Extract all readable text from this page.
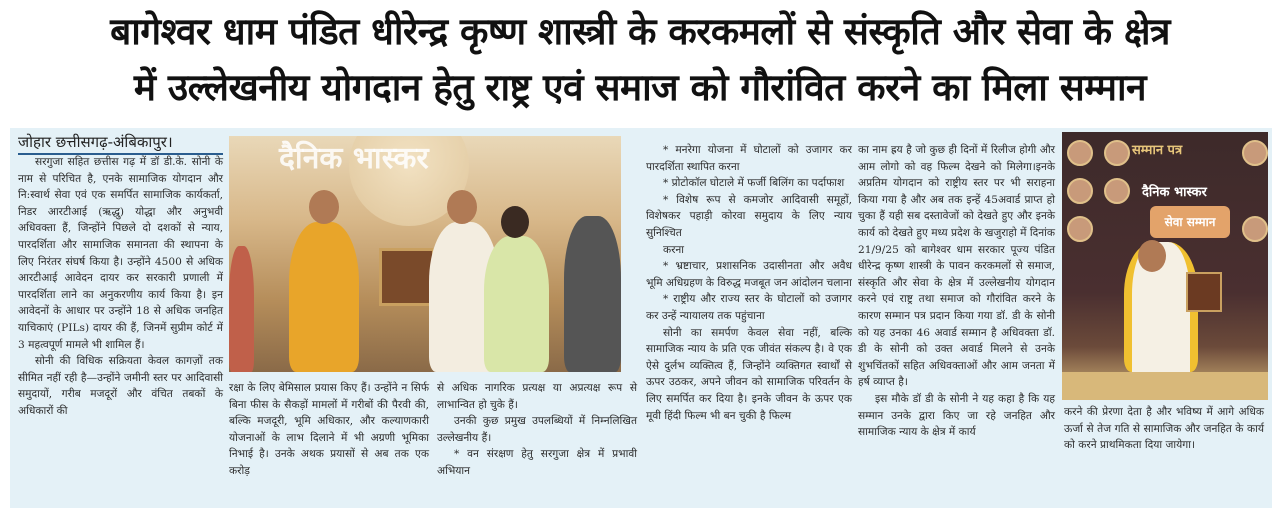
बागेश्वर धाम पंडित धीरेन्द्र कृष्ण शास्त्री के करकमलों से संस्कृति और सेवा के क्षेत्र
में उल्लेखनीय योगदान हेतु राष्ट्र एवं समाज को गौरांवित करने का मिला सम्मान
जोहार छत्तीसगढ़-अंबिकापुर।

सरगुजा सहित छत्तीस गढ़ में डॉ डी.के. सोनी के नाम से परिचित है, एनके सामाजिक योगदान और नि:स्वार्थ सेवा एवं एक समर्पित सामाजिक कार्यकर्ता, निडर आरटीआई (ऋद्धु) योद्धा और अनुभवी अधिवक्ता हैं, जिन्होंने पिछले दो दशकों से न्याय, पारदर्शिता और सामाजिक समानता की स्थापना के लिए निरंतर संघर्ष किया है। उन्होंने 4500 से अधिक आरटीआई आवेदन दायर कर सरकारी प्रणाली में पारदर्शिता लाने का अनुकरणीय कार्य किया है। इन आवेदनों के आधार पर उन्होंने 18 से अधिक जनहित याचिकाएं (PILs) दायर की हैं, जिनमें सुप्रीम कोर्ट में 3 महत्वपूर्ण मामले भी शामिल हैं।

सोनी की विधिक सक्रियता केवल कागज़ों तक सीमित नहीं रही है—उन्होंने जमीनी स्तर पर आदिवासी समुदायों, गरीब मजदूरों और वंचित तबकों के अधिकारों की

दैनिक भास्कर

रक्षा के लिए बेमिसाल प्रयास किए हैं। उन्होंने न सिर्फ बिना फीस के सैकड़ों मामलों में गरीबों की पैरवी की, बल्कि मजदूरी, भूमि अधिकार, और कल्याणकारी योजनाओं के लाभ दिलाने में भी अग्रणी भूमिका निभाई है। उनके अथक प्रयासों से अब तक एक करोड़

से अधिक नागरिक प्रत्यक्ष या अप्रत्यक्ष रूप से लाभान्वित हो चुके हैं।

उनकी कुछ प्रमुख उपलब्धियों में निम्नलिखित उल्लेखनीय हैं।

* वन संरक्षण हेतु सरगुजा क्षेत्र में प्रभावी अभियान

* मनरेगा योजना में घोटालों को उजागर कर पारदर्शिता स्थापित करना

* प्रोटोकॉल घोटाले में फर्जी बिलिंग का पर्दाफाश

* विशेष रूप से कमजोर आदिवासी समूहों, विशेषकर पहाड़ी कोरवा समुदाय के लिए न्याय सुनिश्चित

करना

* भ्रष्टाचार, प्रशासनिक उदासीनता और अवैध भूमि अधिग्रहण के विरुद्ध मजबूत जन आंदोलन चलाना

* राष्ट्रीय और राज्य स्तर के घोटालों को उजागर कर उन्हें न्यायालय तक पहुंचाना

सोनी का समर्पण केवल सेवा नहीं, बल्कि सामाजिक न्याय के प्रति एक जीवंत संकल्प है। वे एक ऐसे दुर्लभ व्यक्तित्व हैं, जिन्होंने व्यक्तिगत स्वार्थों से ऊपर उठकर, अपने जीवन को सामाजिक परिवर्तन के लिए समर्पित कर दिया है। इनके जीवन के ऊपर एक मूवी हिंदी फिल्म भी बन चुकी है फिल्म

का नाम ह्रय है जो कुछ ही दिनों में रिलीज होगी और आम लोगो को वह फिल्म देखने को मिलेगा।इनके अप्रतिम योगदान को राष्ट्रीय स्तर पर भी सराहना किया गया है और अब तक इन्हें 45अवार्ड प्राप्त हो चुका हैं यही सब दस्तावेजों को देखते हुए और इनके कार्य को देखते हुए मध्य प्रदेश के खजुराहो में दिनांक 21/9/25 को बागेश्वर धाम सरकार पूज्य पंडित धीरेन्द्र कृष्ण शास्त्री के पावन करकमलों से समाज, संस्कृति और सेवा के क्षेत्र में उल्लेखनीय योगदान करने एवं राष्ट्र तथा समाज को गौरांवित करने के कारण सम्मान पत्र प्रदान किया गया डॉ. डी के सोनी को यह उनका 46 अवार्ड सम्मान है अधिवक्ता डॉ. डी के सोनी को उक्त अवार्ड मिलने से उनके शुभचिंतकों सहित अधिवक्ताओं और आम जनता में हर्ष व्याप्त है।

इस मौके डॉ डी के सोनी ने यह कहा है कि यह सम्मान उनके द्वारा किए जा रहे जनहित और सामाजिक न्याय के क्षेत्र में कार्य

सम्मान पत्र
दैनिक भास्कर
सेवा सम्मान

करने की प्रेरणा देता है और भविष्य में आगे अधिक ऊर्जा से तेज गति से सामाजिक और जनहित के कार्य को करने प्राथमिकता दिया जायेगा।
